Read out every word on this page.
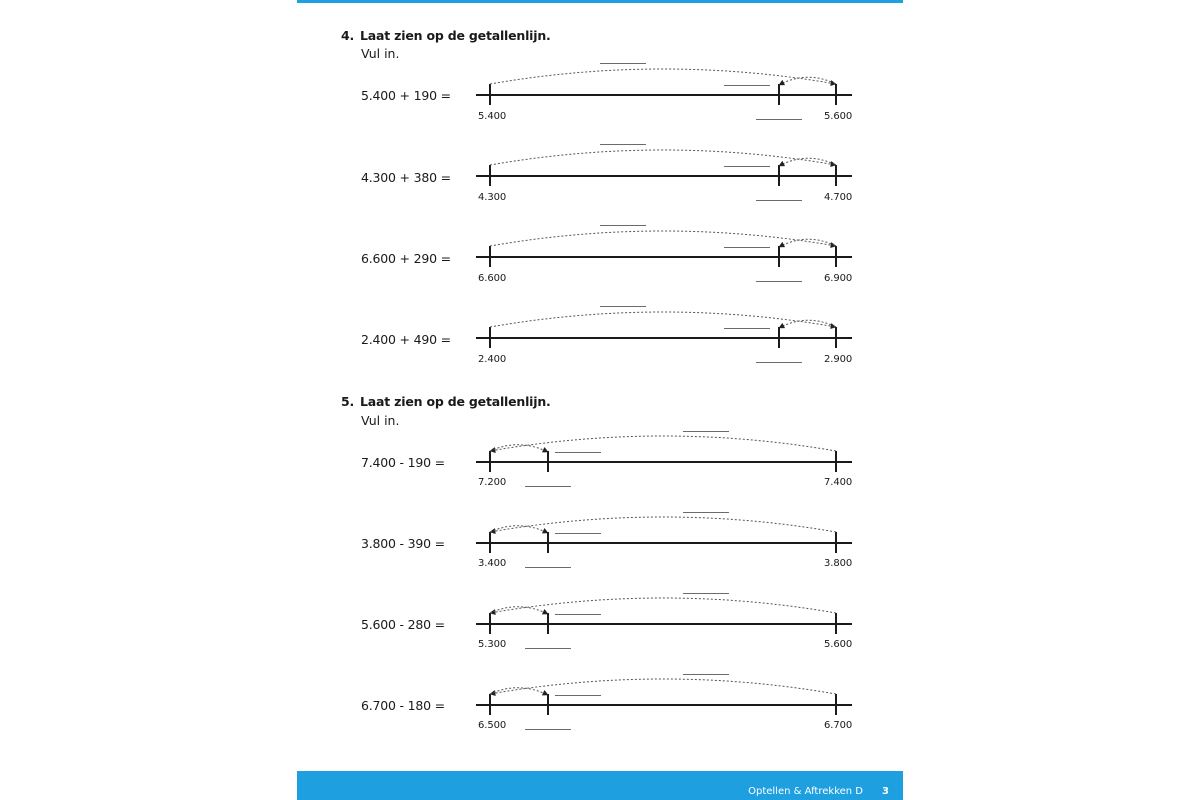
4. Laat zien op de getallenlijn.
Vul in.
5.400 + 190 =
5.400	5.600
4.300 + 380 =
4.300	4.700
6.600 + 290 =
6.600	6.900
2.400 + 490 =
2.400	2.900
5. Laat zien op de getallenlijn.
Vul in.
7.400 - 190 =
7.200	7.400
3.800 - 390 =
3.400	3.800
5.600 - 280 =
5.300	5.600
6.700 - 180 =
6.500	6.700
Optellen & Aftrekken D 3
